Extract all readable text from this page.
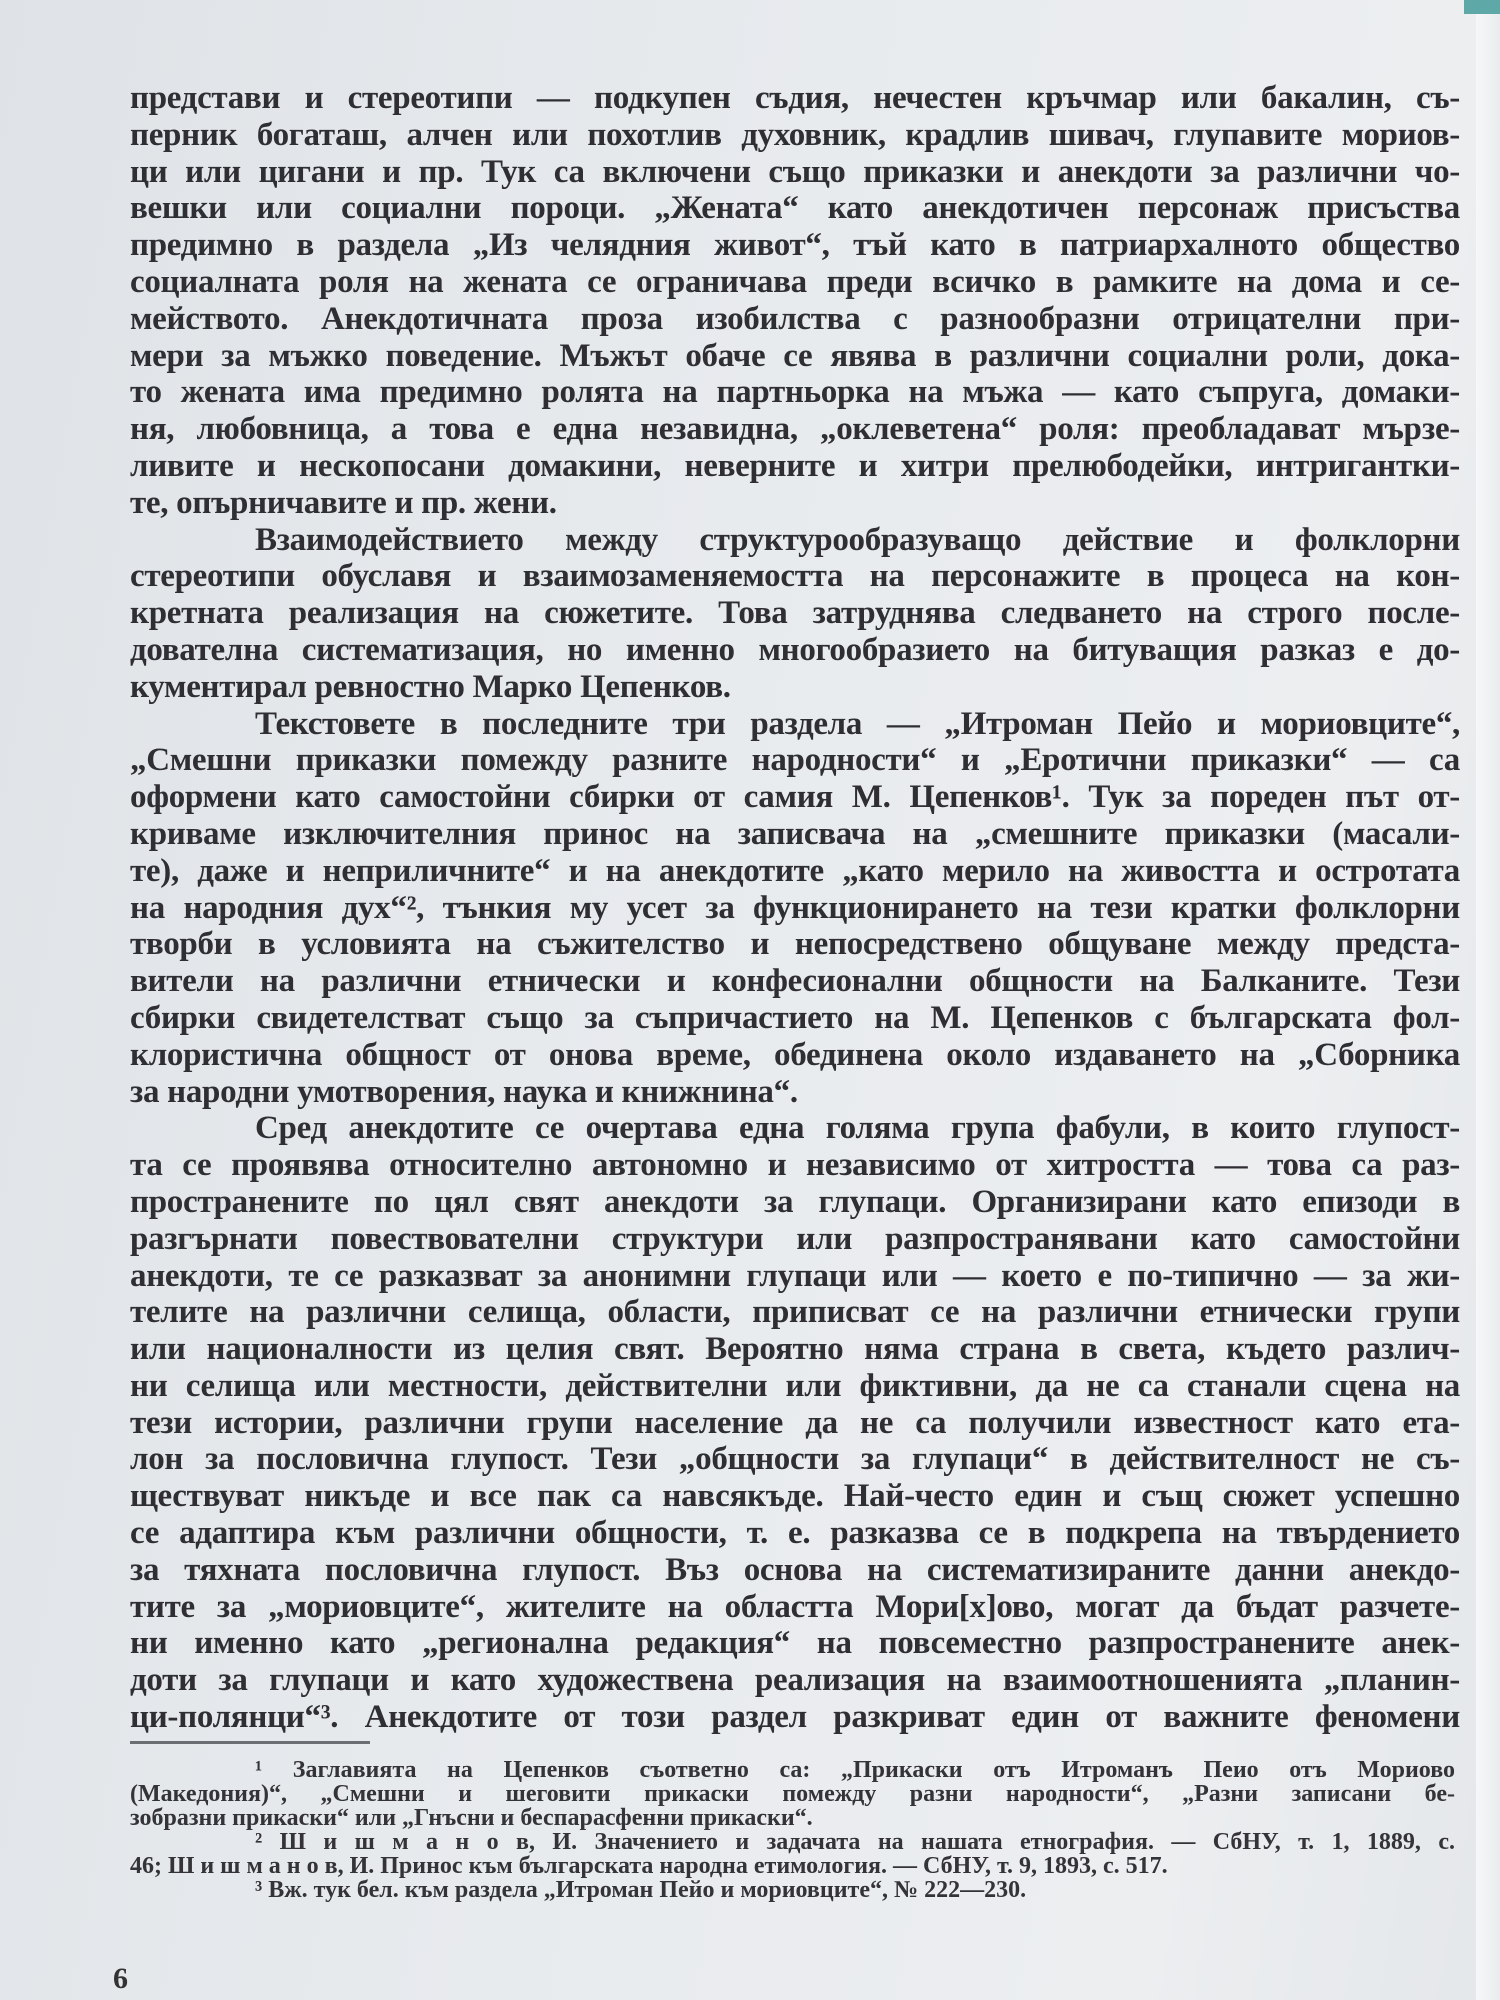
представи и стереотипи — подкупен съдия, нечестен кръчмар или бакалин, съ-
перник богаташ, алчен или похотлив духовник, крадлив шивач, глупавите мориов-
ци или цигани и пр. Тук са включени също приказки и анекдоти за различни чо-
вешки или социални пороци. „Жената“ като анекдотичен персонаж присъства
предимно в раздела „Из челядния живот“, тъй като в патриархалното общество
социалната роля на жената се ограничава преди всичко в рамките на дома и се-
мейството. Анекдотичната проза изобилства с разнообразни отрицателни при-
мери за мъжко поведение. Мъжът обаче се явява в различни социални роли, дока-
то жената има предимно ролята на партньорка на мъжа — като съпруга, домаки-
ня, любовница, а това е една незавидна, „оклеветена“ роля: преобладават мързе-
ливите и нескопосани домакини, неверните и хитри прелюбодейки, интригантки-
те, опърничавите и пр. жени.
Взаимодействието между структурообразуващо действие и фолклорни
стереотипи обуславя и взаимозаменяемостта на персонажите в процеса на кон-
кретната реализация на сюжетите. Това затруднява следването на строго после-
дователна систематизация, но именно многообразието на битуващия разказ е до-
кументирал ревностно Марко Цепенков.
Текстовете в последните три раздела — „Итроман Пейо и мориовците“,
„Смешни приказки помежду разните народности“ и „Еротични приказки“ — са
оформени като самостойни сбирки от самия М. Цепенков¹. Тук за пореден път от-
криваме изключителния принос на записвача на „смешните приказки (масали-
те), даже и неприличните“ и на анекдотите „като мерило на живостта и остротата
на народния дух“², тънкия му усет за функционирането на тези кратки фолклорни
творби в условията на съжителство и непосредствено общуване между предста-
вители на различни етнически и конфесионални общности на Балканите. Тези
сбирки свидетелстват също за съпричастието на М. Цепенков с българската фол-
клористична общност от онова време, обединена около издаването на „Сборника
за народни умотворения, наука и книжнина“.
Сред анекдотите се очертава една голяма група фабули, в които глупост-
та се проявява относително автономно и независимо от хитростта — това са раз-
пространените по цял свят анекдоти за глупаци. Организирани като епизоди в
разгърнати повествователни структури или разпространявани като самостойни
анекдоти, те се разказват за анонимни глупаци или — което е по-типично — за жи-
телите на различни селища, области, приписват се на различни етнически групи
или националности из целия свят. Вероятно няма страна в света, където различ-
ни селища или местности, действителни или фиктивни, да не са станали сцена на
тези истории, различни групи население да не са получили известност като ета-
лон за пословична глупост. Тези „общности за глупаци“ в действителност не съ-
ществуват никъде и все пак са навсякъде. Най-често един и същ сюжет успешно
се адаптира към различни общности, т. е. разказва се в подкрепа на твърдението
за тяхната пословична глупост. Въз основа на систематизираните данни анекдо-
тите за „мориовците“, жителите на областта Мори[х]ово, могат да бъдат разчете-
ни именно като „регионална редакция“ на повсеместно разпространените анек-
доти за глупаци и като художествена реализация на взаимоотношенията „планин-
ци-полянци“³. Анекдотите от този раздел разкриват един от важните феномени
¹ Заглавията на Цепенков съответно са: „Прикаски отъ Итроманъ Пеио отъ Мориово
(Македония)“, „Смешни и шеговити прикаски помежду разни народности“, „Разни записани бе-
зобразни прикаски“ или „Гнъсни и беспарасфенни прикаски“.
² Ш и ш м а н о в, И. Значението и задачата на нашата етнография. — СбНУ, т. 1, 1889, с.
46; Ш и ш м а н о в, И. Принос към българската народна етимология. — СбНУ, т. 9, 1893, с. 517.
³ Вж. тук бел. към раздела „Итроман Пейо и мориовците“, № 222—230.
6
